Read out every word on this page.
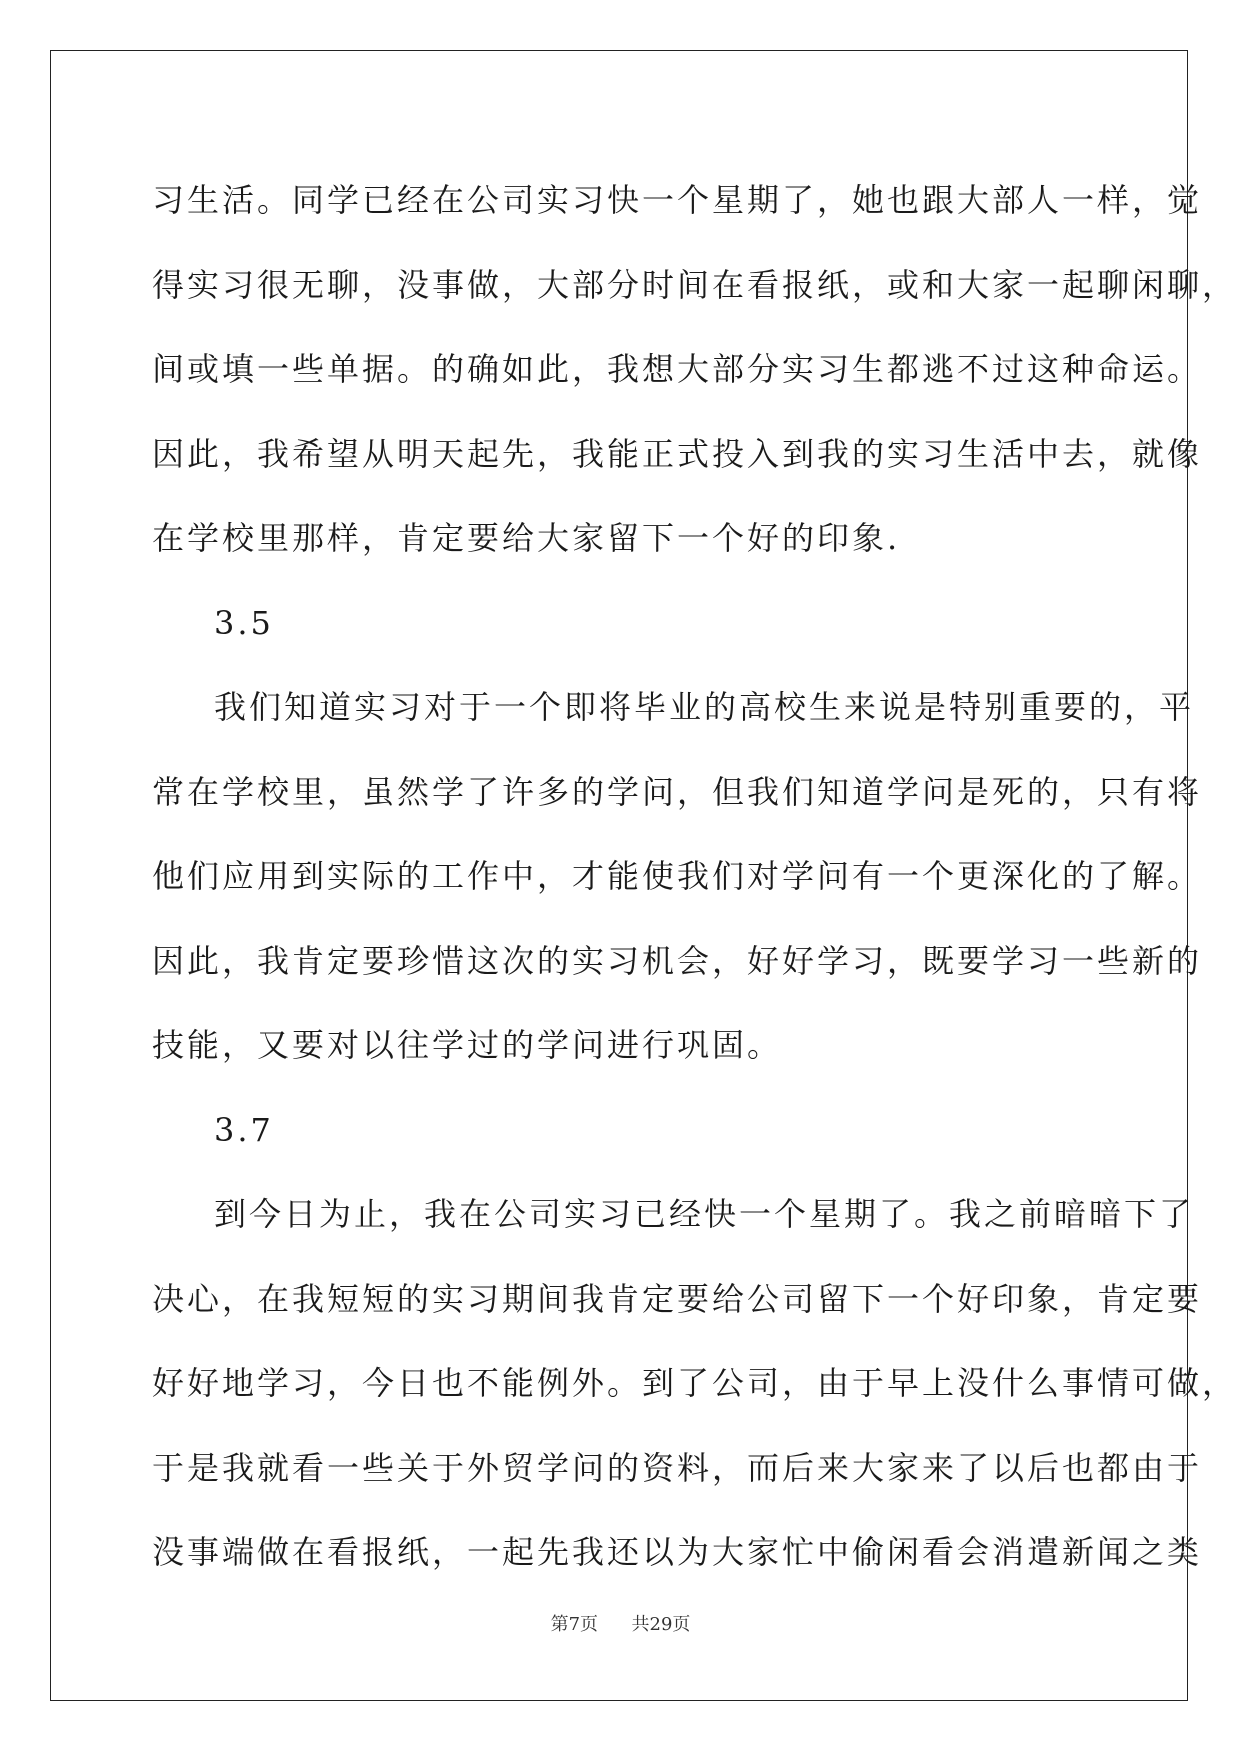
习生活。同学已经在公司实习快一个星期了，她也跟大部人一样，觉
得实习很无聊，没事做，大部分时间在看报纸，或和大家一起聊闲聊，
间或填一些单据。的确如此，我想大部分实习生都逃不过这种命运。
因此，我希望从明天起先，我能正式投入到我的实习生活中去，就像
在学校里那样，肯定要给大家留下一个好的印象.
3.5
我们知道实习对于一个即将毕业的高校生来说是特别重要的，平
常在学校里，虽然学了许多的学问，但我们知道学问是死的，只有将
他们应用到实际的工作中，才能使我们对学问有一个更深化的了解。
因此，我肯定要珍惜这次的实习机会，好好学习，既要学习一些新的
技能，又要对以往学过的学问进行巩固。
3.7
到今日为止，我在公司实习已经快一个星期了。我之前暗暗下了
决心，在我短短的实习期间我肯定要给公司留下一个好印象，肯定要
好好地学习，今日也不能例外。到了公司，由于早上没什么事情可做，
于是我就看一些关于外贸学问的资料，而后来大家来了以后也都由于
没事端做在看报纸，一起先我还以为大家忙中偷闲看会消遣新闻之类
第7页 共29页
